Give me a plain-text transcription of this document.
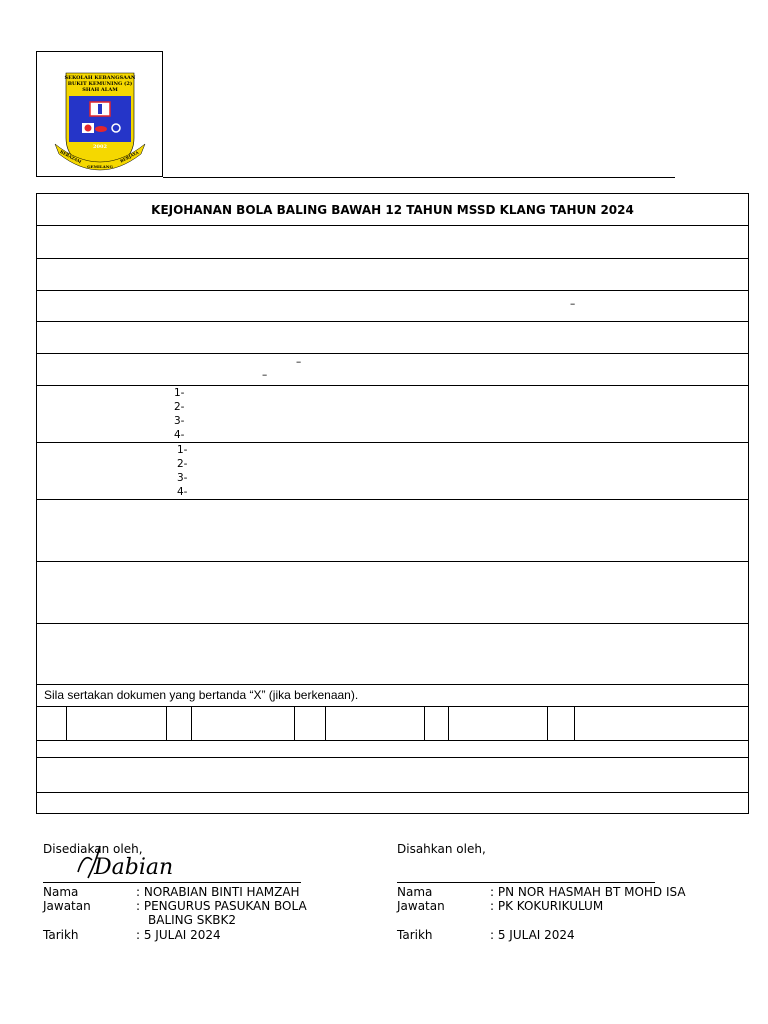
SEKOLAH KEBANGSAAN
BUKIT KEMUNING (2)
SHAH ALAM
2002
BERAZAM
GEMILANG
BERJAYA
KEJOHANAN BOLA BALING BAWAH 12 TAHUN MSSD KLANG TAHUN 2024
–
–
–
1-
2-
3-
4-
1-
2-
3-
4-
Sila sertakan dokumen yang bertanda “X” (jika berkenaan).
Disediakan oleh,
Dabian
Nama	: NORABIAN BINTI HAMZAH
Jawatan	: PENGURUS PASUKAN BOLA
BALING SKBK2
Tarikh	: 5 JULAI 2024
Disahkan oleh,
Nama	: PN NOR HASMAH BT MOHD ISA
Jawatan	: PK KOKURIKULUM
Tarikh	: 5 JULAI 2024
